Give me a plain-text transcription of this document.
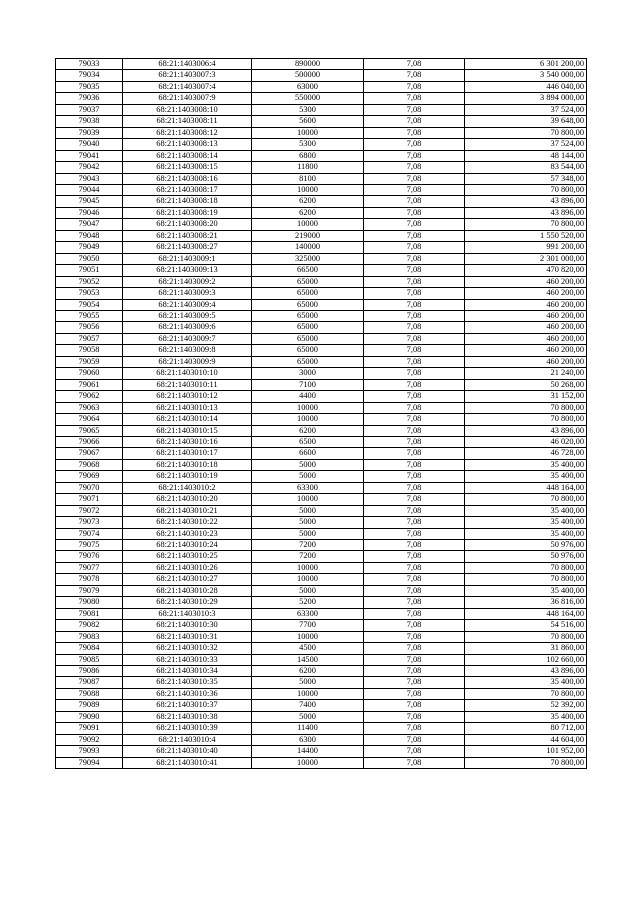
79033	68:21:1403006:4	890000	7,08	6 301 200,00
79034	68:21:1403007:3	500000	7,08	3 540 000,00
79035	68:21:1403007:4	63000	7,08	446 040,00
79036	68:21:1403007:9	550000	7,08	3 894 000,00
79037	68:21:1403008:10	5300	7,08	37 524,00
79038	68:21:1403008:11	5600	7,08	39 648,00
79039	68:21:1403008:12	10000	7,08	70 800,00
79040	68:21:1403008:13	5300	7,08	37 524,00
79041	68:21:1403008:14	6800	7,08	48 144,00
79042	68:21:1403008:15	11800	7,08	83 544,00
79043	68:21:1403008:16	8100	7,08	57 348,00
79044	68:21:1403008:17	10000	7,08	70 800,00
79045	68:21:1403008:18	6200	7,08	43 896,00
79046	68:21:1403008:19	6200	7,08	43 896,00
79047	68:21:1403008:20	10000	7,08	70 800,00
79048	68:21:1403008:21	219000	7,08	1 550 520,00
79049	68:21:1403008:27	140000	7,08	991 200,00
79050	68:21:1403009:1	325000	7,08	2 301 000,00
79051	68:21:1403009:13	66500	7,08	470 820,00
79052	68:21:1403009:2	65000	7,08	460 200,00
79053	68:21:1403009:3	65000	7,08	460 200,00
79054	68:21:1403009:4	65000	7,08	460 200,00
79055	68:21:1403009:5	65000	7,08	460 200,00
79056	68:21:1403009:6	65000	7,08	460 200,00
79057	68:21:1403009:7	65000	7,08	460 200,00
79058	68:21:1403009:8	65000	7,08	460 200,00
79059	68:21:1403009:9	65000	7,08	460 200,00
79060	68:21:1403010:10	3000	7,08	21 240,00
79061	68:21:1403010:11	7100	7,08	50 268,00
79062	68:21:1403010:12	4400	7,08	31 152,00
79063	68:21:1403010:13	10000	7,08	70 800,00
79064	68:21:1403010:14	10000	7,08	70 800,00
79065	68:21:1403010:15	6200	7,08	43 896,00
79066	68:21:1403010:16	6500	7,08	46 020,00
79067	68:21:1403010:17	6600	7,08	46 728,00
79068	68:21:1403010:18	5000	7,08	35 400,00
79069	68:21:1403010:19	5000	7,08	35 400,00
79070	68:21:1403010:2	63300	7,08	448 164,00
79071	68:21:1403010:20	10000	7,08	70 800,00
79072	68:21:1403010:21	5000	7,08	35 400,00
79073	68:21:1403010:22	5000	7,08	35 400,00
79074	68:21:1403010:23	5000	7,08	35 400,00
79075	68:21:1403010:24	7200	7,08	50 976,00
79076	68:21:1403010:25	7200	7,08	50 976,00
79077	68:21:1403010:26	10000	7,08	70 800,00
79078	68:21:1403010:27	10000	7,08	70 800,00
79079	68:21:1403010:28	5000	7,08	35 400,00
79080	68:21:1403010:29	5200	7,08	36 816,00
79081	68:21:1403010:3	63300	7,08	448 164,00
79082	68:21:1403010:30	7700	7,08	54 516,00
79083	68:21:1403010:31	10000	7,08	70 800,00
79084	68:21:1403010:32	4500	7,08	31 860,00
79085	68:21:1403010:33	14500	7,08	102 660,00
79086	68:21:1403010:34	6200	7,08	43 896,00
79087	68:21:1403010:35	5000	7,08	35 400,00
79088	68:21:1403010:36	10000	7,08	70 800,00
79089	68:21:1403010:37	7400	7,08	52 392,00
79090	68:21:1403010:38	5000	7,08	35 400,00
79091	68:21:1403010:39	11400	7,08	80 712,00
79092	68:21:1403010:4	6300	7,08	44 604,00
79093	68:21:1403010:40	14400	7,08	101 952,00
79094	68:21:1403010:41	10000	7,08	70 800,00
